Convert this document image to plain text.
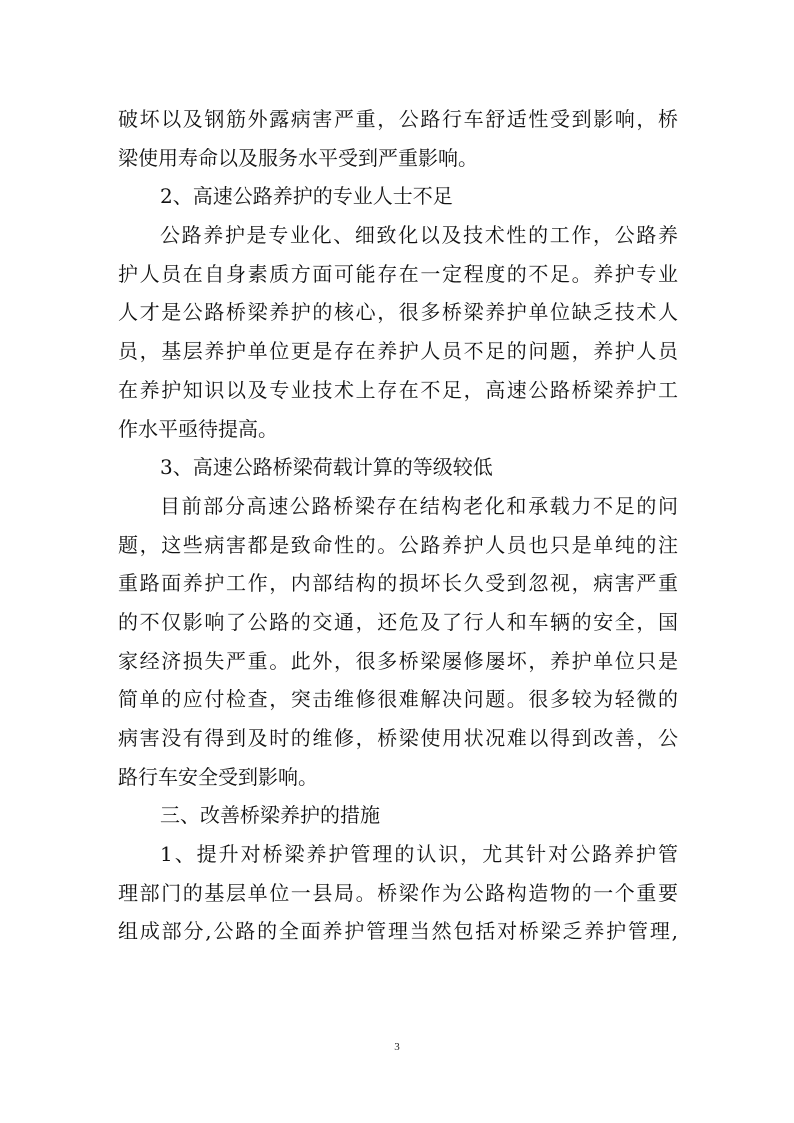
破坏以及钢筋外露病害严重，公路行车舒适性受到影响，桥
梁使用寿命以及服务水平受到严重影响。
2、高速公路养护的专业人士不足
公路养护是专业化、细致化以及技术性的工作，公路养
护人员在自身素质方面可能存在一定程度的不足。养护专业
人才是公路桥梁养护的核心，很多桥梁养护单位缺乏技术人
员，基层养护单位更是存在养护人员不足的问题，养护人员
在养护知识以及专业技术上存在不足，高速公路桥梁养护工
作水平亟待提高。
3、高速公路桥梁荷载计算的等级较低
目前部分高速公路桥梁存在结构老化和承载力不足的问
题，这些病害都是致命性的。公路养护人员也只是单纯的注
重路面养护工作，内部结构的损坏长久受到忽视，病害严重
的不仅影响了公路的交通，还危及了行人和车辆的安全，国
家经济损失严重。此外，很多桥梁屡修屡坏，养护单位只是
简单的应付检查，突击维修很难解决问题。很多较为轻微的
病害没有得到及时的维修，桥梁使用状况难以得到改善，公
路行车安全受到影响。
三、改善桥梁养护的措施
1、提升对桥梁养护管理的认识，尤其针对公路养护管
理部门的基层单位一县局。桥梁作为公路构造物的一个重要
组成部分,公路的全面养护管理当然包括对桥梁乏养护管理,
3
